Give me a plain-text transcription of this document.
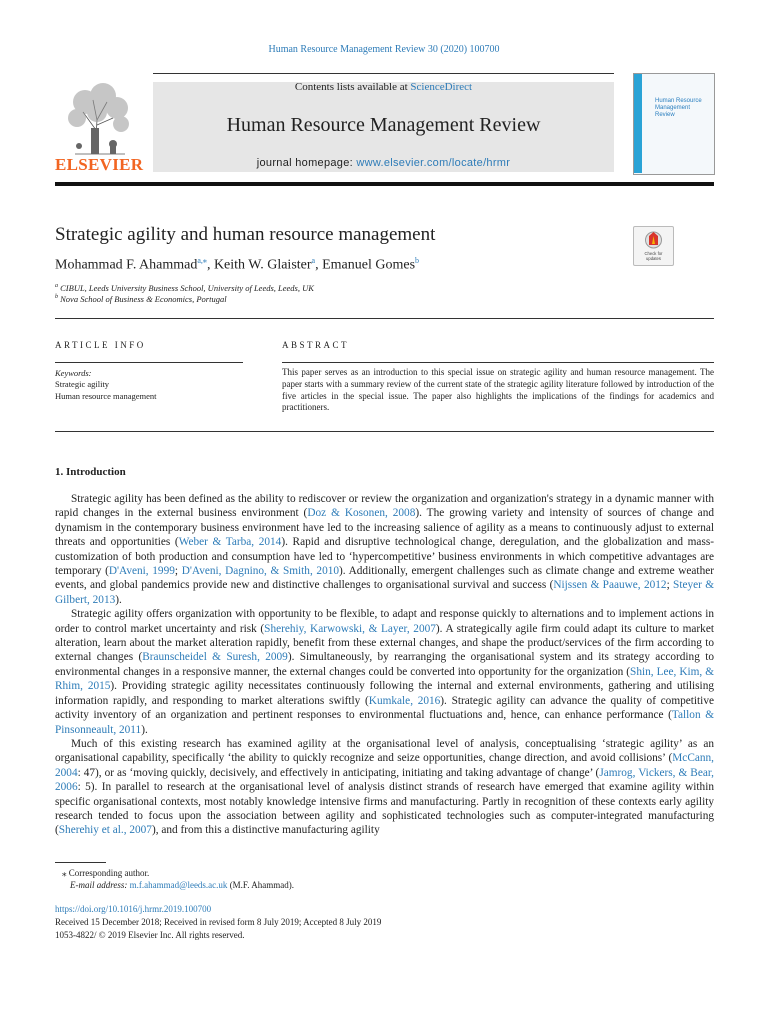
Human Resource Management Review 30 (2020) 100700
Contents lists available at ScienceDirect
Human Resource Management Review
journal homepage: www.elsevier.com/locate/hrmr
ELSEVIER
Human Resource Management Review
Strategic agility and human resource management
Mohammad F. Ahammad$^{a,⁎}$, Keith W. Glaister$^a$, Emanuel Gomes$^b$
$^a$ CIBUL, Leeds University Business School, University of Leeds, Leeds, UK
$^b$ Nova School of Business & Economics, Portugal
Check for
updates
ARTICLE INFO	ABSTRACT
Keywords:
Strategic agility
Human resource management
This paper serves as an introduction to this special issue on strategic agility and human resource management. The paper starts with a summary review of the current state of the strategic agility literature followed by introduction of the five articles in the special issue. The paper also highlights the implications of the findings for academics and practitioners.
1. Introduction

Strategic agility has been defined as the ability to rediscover or review the organization and organization's strategy in a dynamic manner with rapid changes in the external business environment (Doz & Kosonen, 2008). The growing variety and intensity of sources of change and dynamism in the contemporary business environment have led to the increasing salience of agility as a means to continuously adjust to external threats and opportunities (Weber & Tarba, 2014). Rapid and disruptive technological change, deregulation, and the globalization and mass-customization of both production and consumption have led to ‘hypercompetitive’ business environments in which competitive advantages are temporary (D'Aveni, 1999; D'Aveni, Dagnino, & Smith, 2010). Additionally, emergent challenges such as climate change and extreme weather events, and global pandemics provide new and distinctive challenges to organisational survival and success (Nijssen & Paauwe, 2012; Steyer & Gilbert, 2013).

Strategic agility offers organization with opportunity to be flexible, to adapt and response quickly to alternations and to implement actions in order to control market uncertainty and risk (Sherehiy, Karwowski, & Layer, 2007). A strategically agile firm could adapt its culture to market alteration, learn about the market alteration rapidly, benefit from these external changes, and shape the product/services of the firm according to external changes (Braunscheidel & Suresh, 2009). Simultaneously, by rearranging the organisational system and its strategy according to environmental changes in a responsive manner, the external changes could be converted into opportunity for the organization (Shin, Lee, Kim, & Rhim, 2015). Providing strategic agility necessitates continuously following the internal and external environments, gathering and utilising information rapidly, and responding to market alterations swiftly (Kumkale, 2016). Strategic agility can advance the quality of competitive activity inventory of an organization and pertinent responses to environmental fluctuations and, hence, can enhance performance (Tallon & Pinsonneault, 2011).

Much of this existing research has examined agility at the organisational level of analysis, conceptualising ‘strategic agility’ as an organisational capability, specifically ‘the ability to quickly recognize and seize opportunities, change direction, and avoid collisions’ (McCann, 2004: 47), or as ‘moving quickly, decisively, and effectively in anticipating, initiating and taking advantage of change’ (Jamrog, Vickers, & Bear, 2006: 5). In parallel to research at the organisational level of analysis distinct strands of research have emerged that examine agility within specific organisational contexts, most notably knowledge intensive firms and manufacturing. Partly in recognition of these contexts early agility research tended to focus upon the association between agility and sophisticated technologies such as computer-integrated manufacturing (Sherehiy et al., 2007), and from this a distinctive manufacturing agility

⁎ Corresponding author.
E-mail address: m.f.ahammad@leeds.ac.uk (M.F. Ahammad).
https://doi.org/10.1016/j.hrmr.2019.100700
Received 15 December 2018; Received in revised form 8 July 2019; Accepted 8 July 2019
1053-4822/ © 2019 Elsevier Inc. All rights reserved.
